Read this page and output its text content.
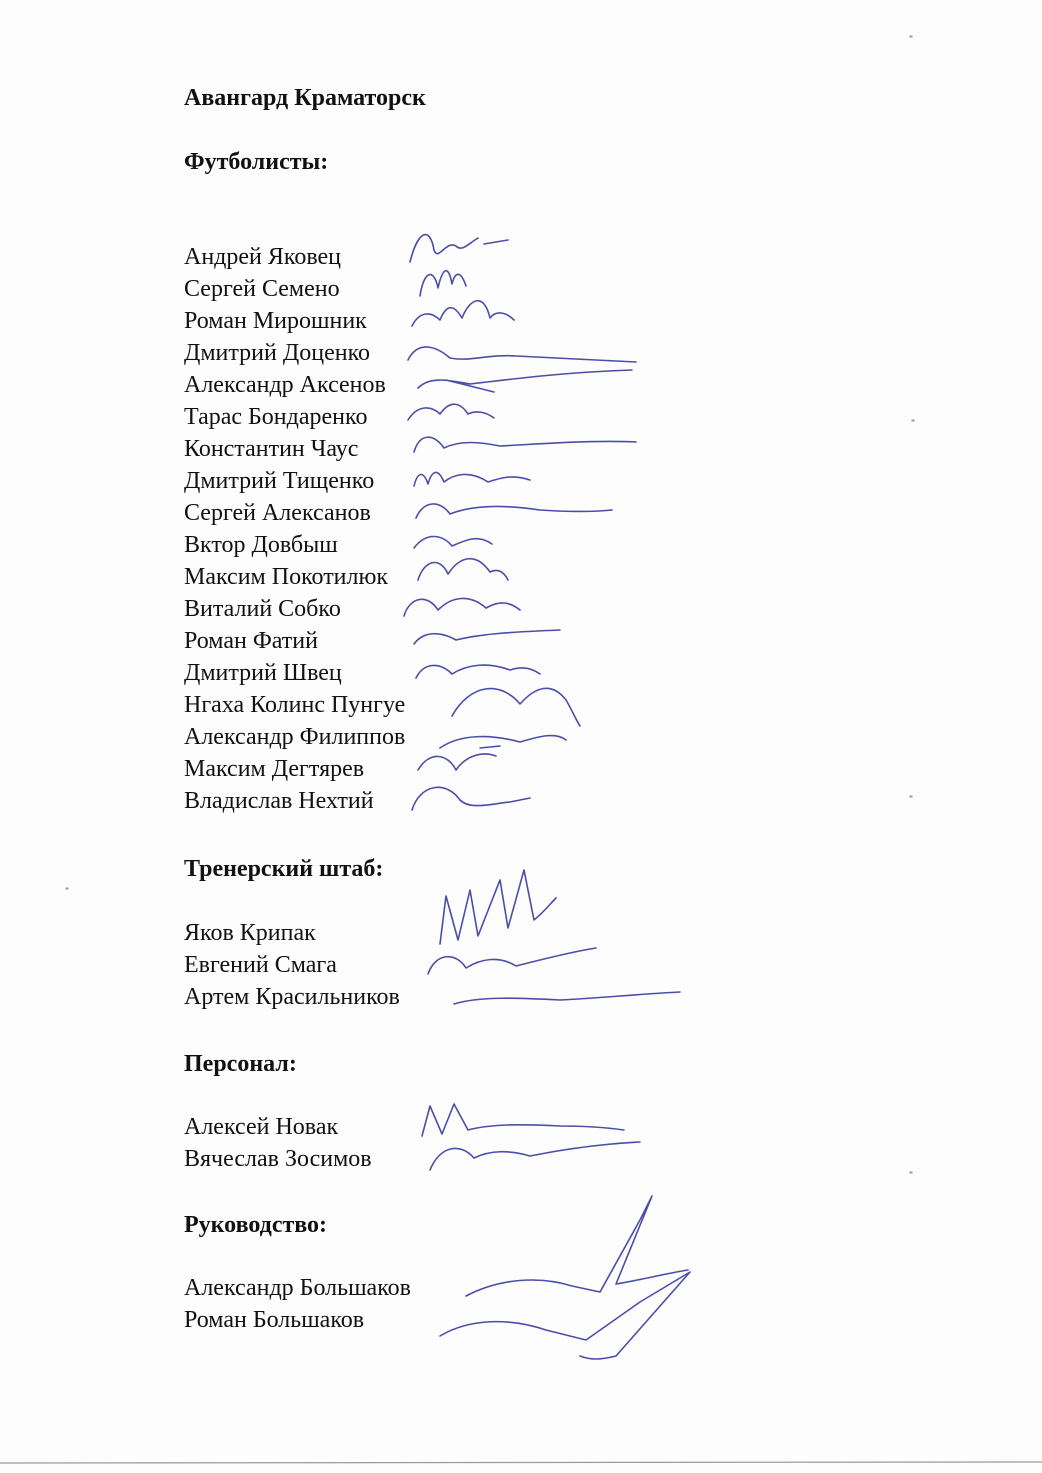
Авангард Краматорск
Футболисты:
Андрей Яковец
Сергей Семено
Роман Мирошник
Дмитрий Доценко
Александр Аксенов
Тарас Бондаренко
Константин Чаус
Дмитрий Тищенко
Сергей Алексанов
Вктор Довбыш
Максим Покотилюк
Виталий Собко
Роман Фатий
Дмитрий Швец
Нгаха Колинс Пунгуе
Александр Филиппов
Максим Дегтярев
Владислав Нехтий
Тренерский штаб:
Яков Крипак
Евгений Смага
Артем Красильников
Персонал:
Алексей Новак
Вячеслав Зосимов
Руководство:
Александр Большаков
Роман Большаков
